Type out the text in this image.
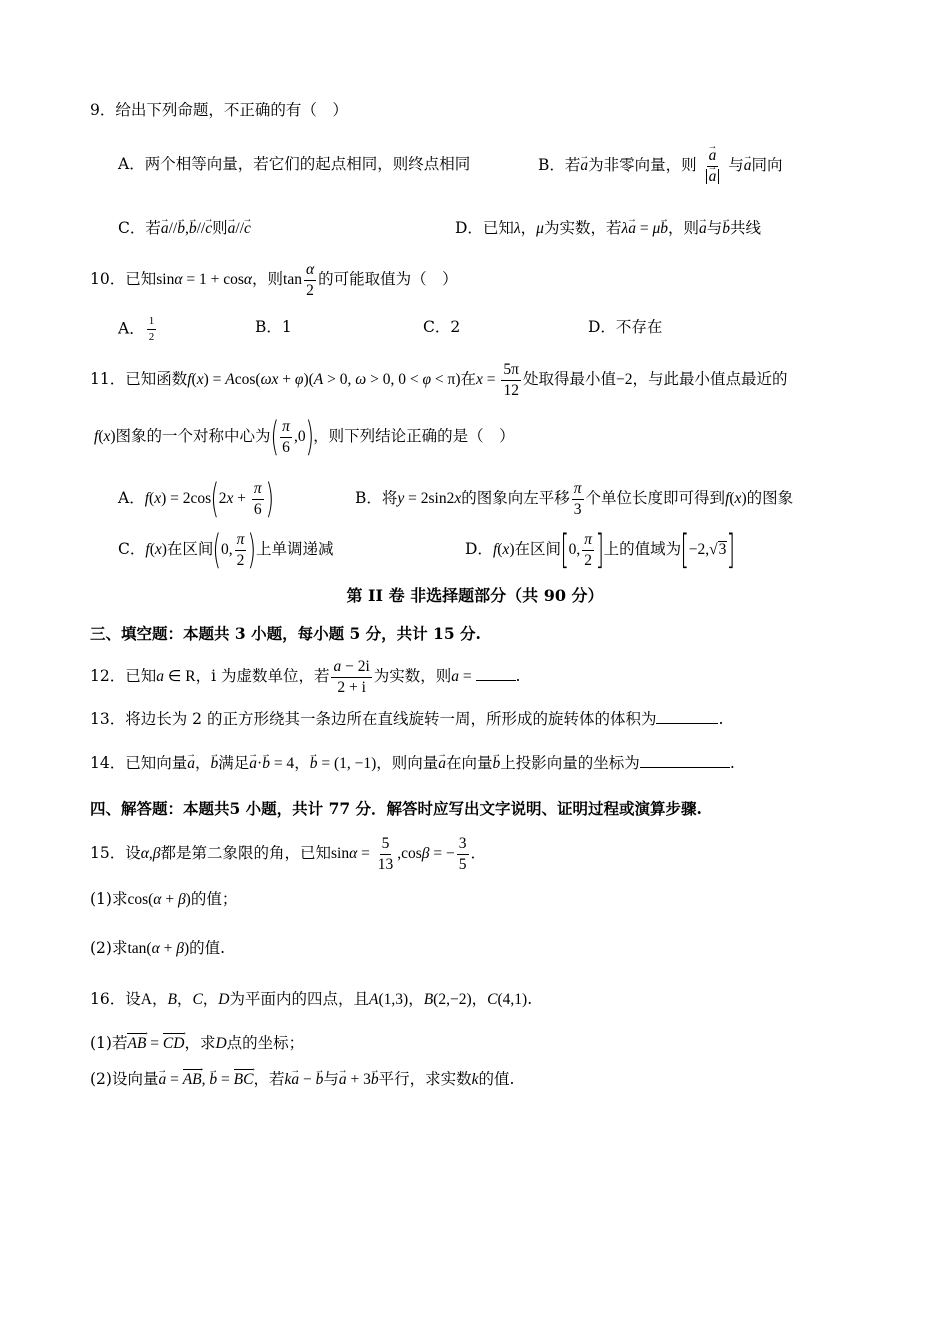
9．给出下列命题，不正确的有（　）
A．两个相等向量，若它们的起点相同，则终点相同	B．若→ a为非零向量，则
→ a
→ a 与→ a同向
C．若→ a//→ b,→ b//→ c则→ a//→ c	D．已知λ，μ为实数，若λ→ a = μ→ b，则→ a与→ b共线
10．已知sinα = 1 + cosα，则$\tan \frac{\alpha}{2}$ 的可能取值为（　）
A． $\frac{1}{2}$	B．1	C．2	D．不存在
11．已知函数f(x) = Acos(ωx + φ)(A > 0, ω > 0, 0 < φ < π)在$x = \frac{5\pi}{12}$ 处取得最小值−2，与此最小值点最近的
f(x)图象的一个对称中心为( $\frac{\pi}{6} ,0$)，则下列结论正确的是（　）
A．$f(x) = 2\cos(2x + \frac{\pi}{6}$ )	B．将y = 2sin2x的图象向左平移 $\frac{\pi}{3}$ 个单位长度即可得到f(x)的图象
C．f(x)在区间(0, $\frac{\pi}{2}$ )上单调递减	D．f(x)在区间[0, $\frac{\pi}{2}$ ]上的值域为[−2,√3]
第 II 卷 非选择题部分（共 90 分）
三、填空题：本题共 3 小题，每小题 5 分，共计 15 分.
12．已知a ∈ R，i 为虚数单位，若 $\frac{a - 2i}{2 + i}$ 为实数，则a =	.
13．将边长为 2 的正方形绕其一条边所在直线旋转一周，所形成的旋转体的体积为	.
14．已知向量→ a，→ b满足→ a·→ b = 4，→ b = (1, −1)，则向量→ a在向量→ b上投影向量的坐标为	.
四、解答题：本题共5 小题，共计 77 分．解答时应写出文字说明、证明过程或演算步骤.
15．设α,β都是第二象限的角，已知$\sin\alpha = \frac{5}{13} ,\cos\beta$ = − $\frac{3}{5}$ ．
(1)求cos(α + β)的值；
(2)求tan(α + β)的值.
16．设A，B，C，D为平面内的四点，且A(1,3)，B(2,−2)，C(4,1).
(1)若AB → = CD →，求D点的坐标；
(2)设向量→ a = AB →, → b = BC →，若k→ a − → b与→ a + 3→ b平行，求实数k的值.
